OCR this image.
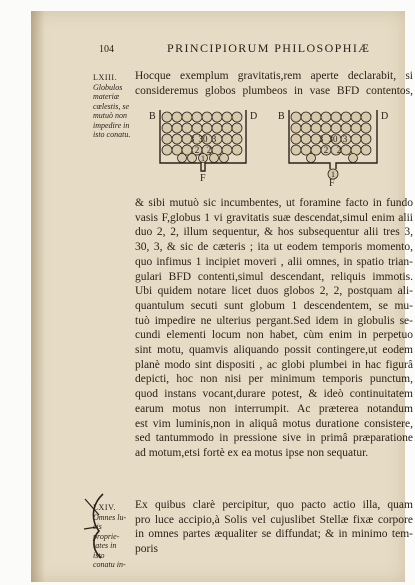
104	PRINCIPIORUM PHILOSOPHIÆ
LXIII.
Globulos
materiæ
cœlestis, se
mutuò non
impedire in
isto conatu.
Hocque exemplum gravitatis,rem aperte declarabit, si
consideremus globos plumbeos in vase BFD contentos,
B	D
3 30 3
2 2
1
F
B	D
3 30 3
2 2
1
F
& sibi mutuò sic incumbentes, ut foramine facto in fundo
vasis F,globus 1 vi gravitatis suæ descendat,simul enim alii
duo 2, 2, illum sequentur, & hos subsequentur alii tres 3,
30, 3, & sic de cæteris ; ita ut eodem temporis momento,
quo infimus 1 incipiet moveri , alii omnes, in spatio trian-
gulari BFD contenti,simul descendant, reliquis immotis.
Ubi quidem notare licet duos globos 2, 2, postquam ali-
quantulum secuti sunt globum 1 descendentem, se mu-
tuò impedire ne ulterius pergant.Sed idem in globulis se-
cundi elementi locum non habet, cùm enim in perpetuo
sint motu, quamvis aliquando possit contingere,ut eodem
planè modo sint dispositi , ac globi plumbei in hac figurâ
depicti, hoc non nisi per minimum temporis punctum,
quod instans vocant,durare potest, & ideò continuitatem
earum motus non interrumpit. Ac præterea notandum
est vim luminis,non in aliquâ motus duratione consistere,
sed tantummodo in pressione sive in primâ præparatione
ad motum,etsi fortè ex ea motus ipse non sequatur.
LXIV.
Omnes lu-
cis proprie-
tates in isto
conatu in-
Ex quibus clarè percipitur, quo pacto actio illa, quam
pro luce accipio,à Solis vel cujuslibet Stellæ fixæ corpore
in omnes partes æqualiter se diffundat; & in minimo tem-
poris
